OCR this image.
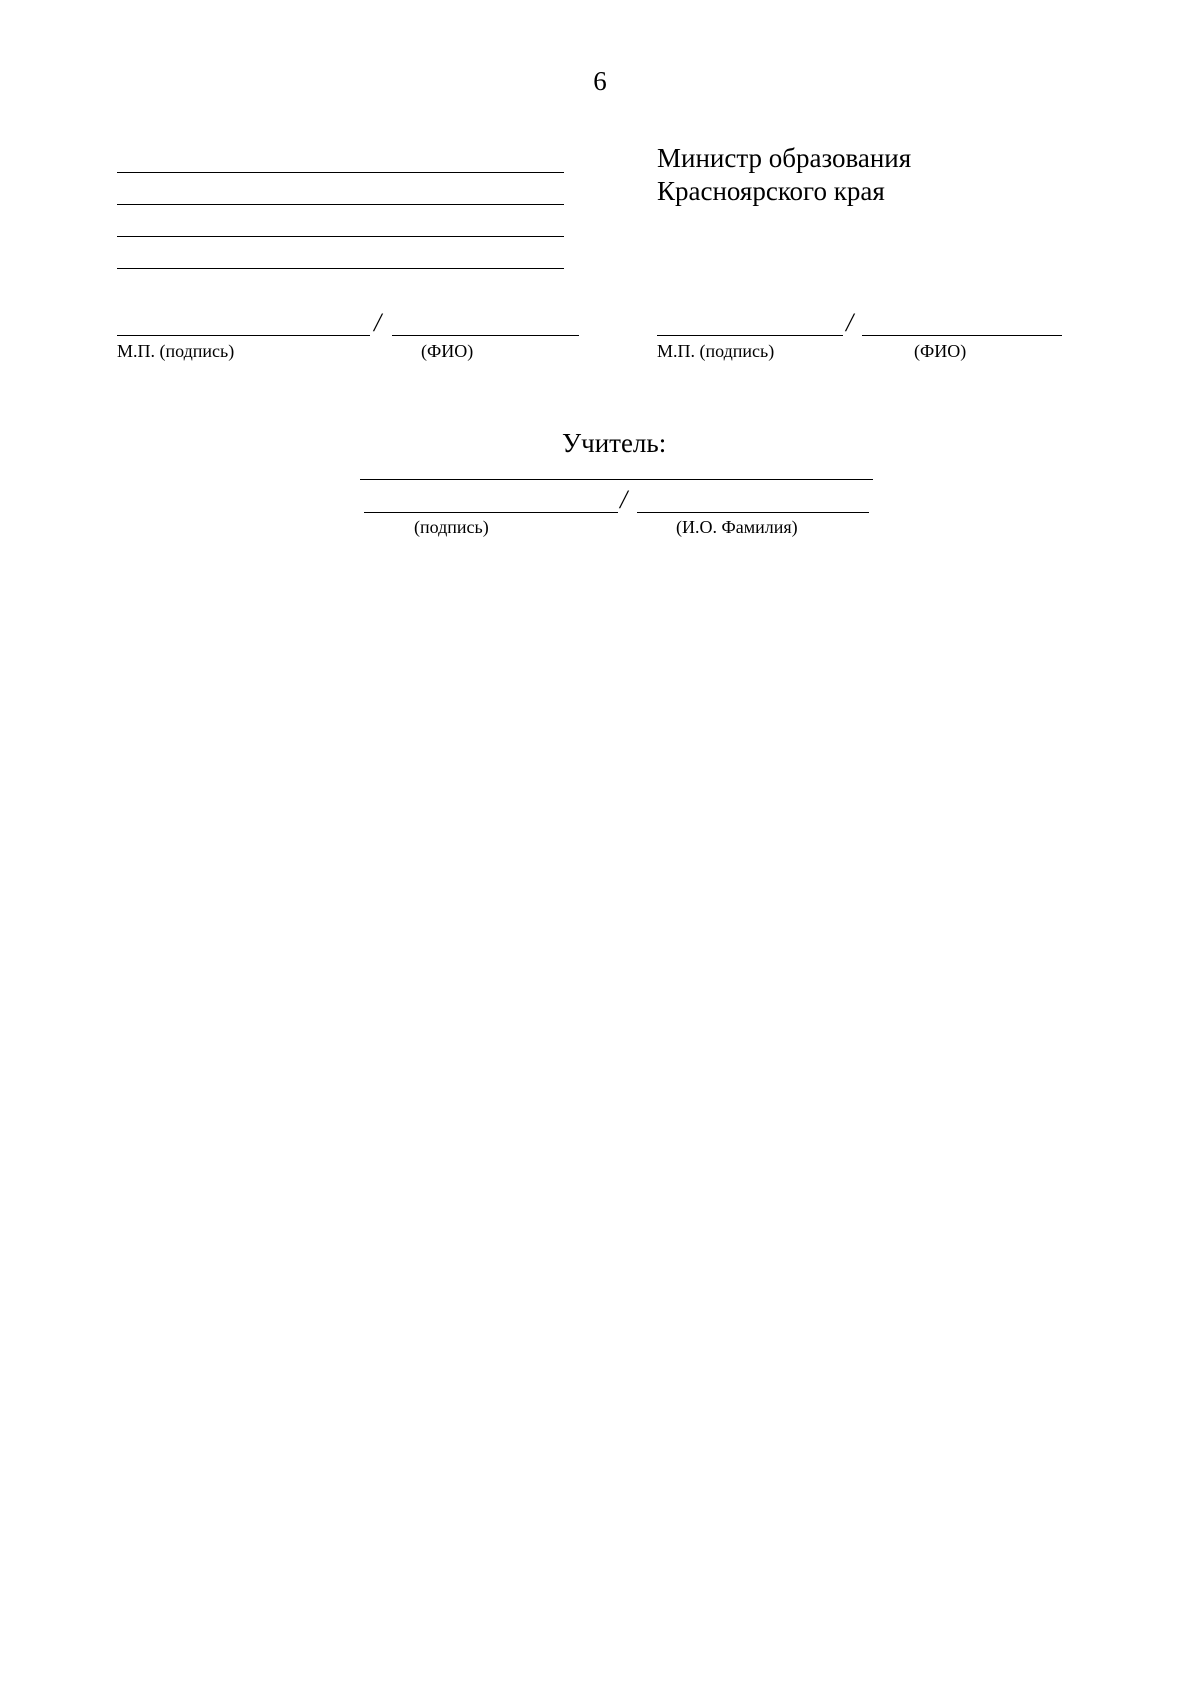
6
/
М.П. (подпись)	(ФИО)
Министр образования
Красноярского края
/
М.П. (подпись)	(ФИО)
Учитель:
/
(подпись)	(И.О. Фамилия)
